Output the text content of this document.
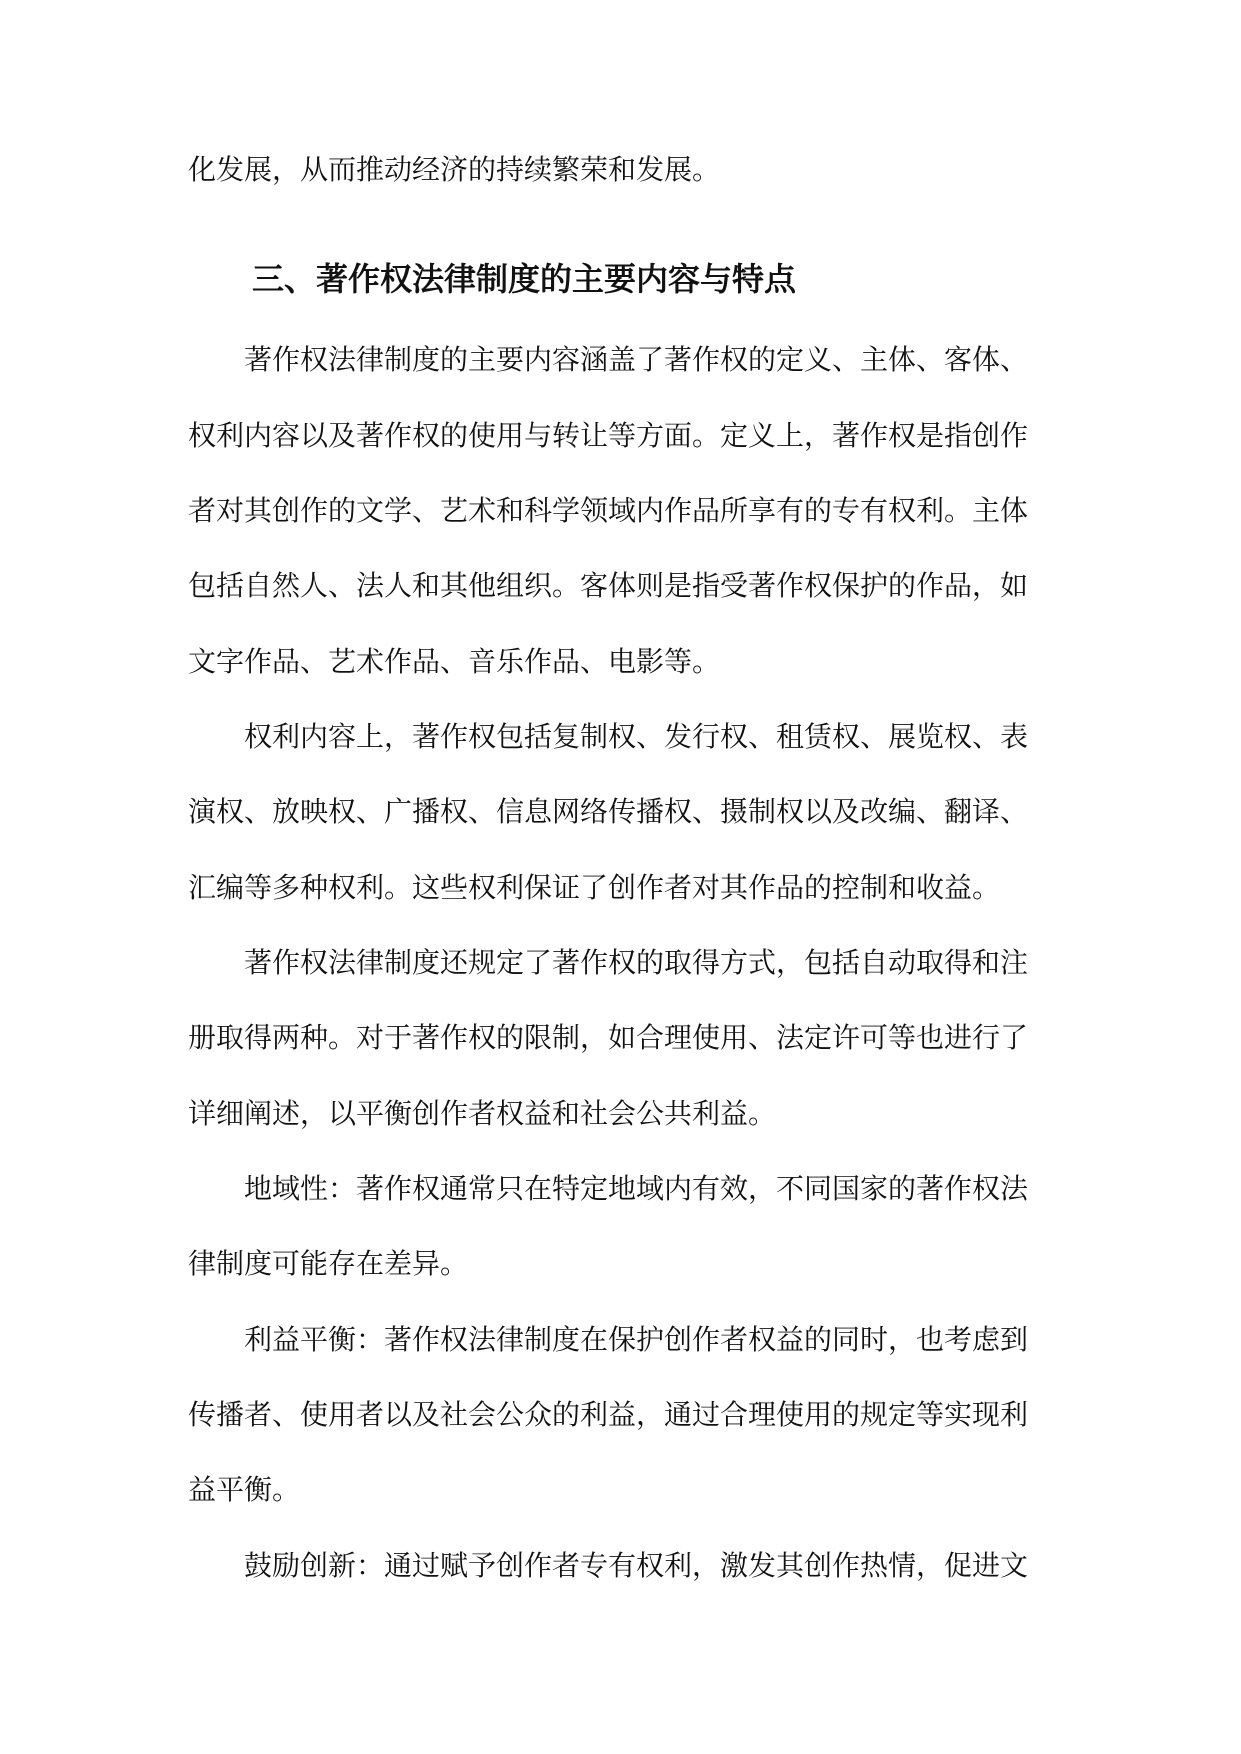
化发展，从而推动经济的持续繁荣和发展。
三、著作权法律制度的主要内容与特点
著作权法律制度的主要内容涵盖了著作权的定义、主体、客体、
权利内容以及著作权的使用与转让等方面。定义上，著作权是指创作
者对其创作的文学、艺术和科学领域内作品所享有的专有权利。主体
包括自然人、法人和其他组织。客体则是指受著作权保护的作品，如
文字作品、艺术作品、音乐作品、电影等。
权利内容上，著作权包括复制权、发行权、租赁权、展览权、表
演权、放映权、广播权、信息网络传播权、摄制权以及改编、翻译、
汇编等多种权利。这些权利保证了创作者对其作品的控制和收益。
著作权法律制度还规定了著作权的取得方式，包括自动取得和注
册取得两种。对于著作权的限制，如合理使用、法定许可等也进行了
详细阐述，以平衡创作者权益和社会公共利益。
地域性：著作权通常只在特定地域内有效，不同国家的著作权法
律制度可能存在差异。
利益平衡：著作权法律制度在保护创作者权益的同时，也考虑到
传播者、使用者以及社会公众的利益，通过合理使用的规定等实现利
益平衡。
鼓励创新：通过赋予创作者专有权利，激发其创作热情，促进文
